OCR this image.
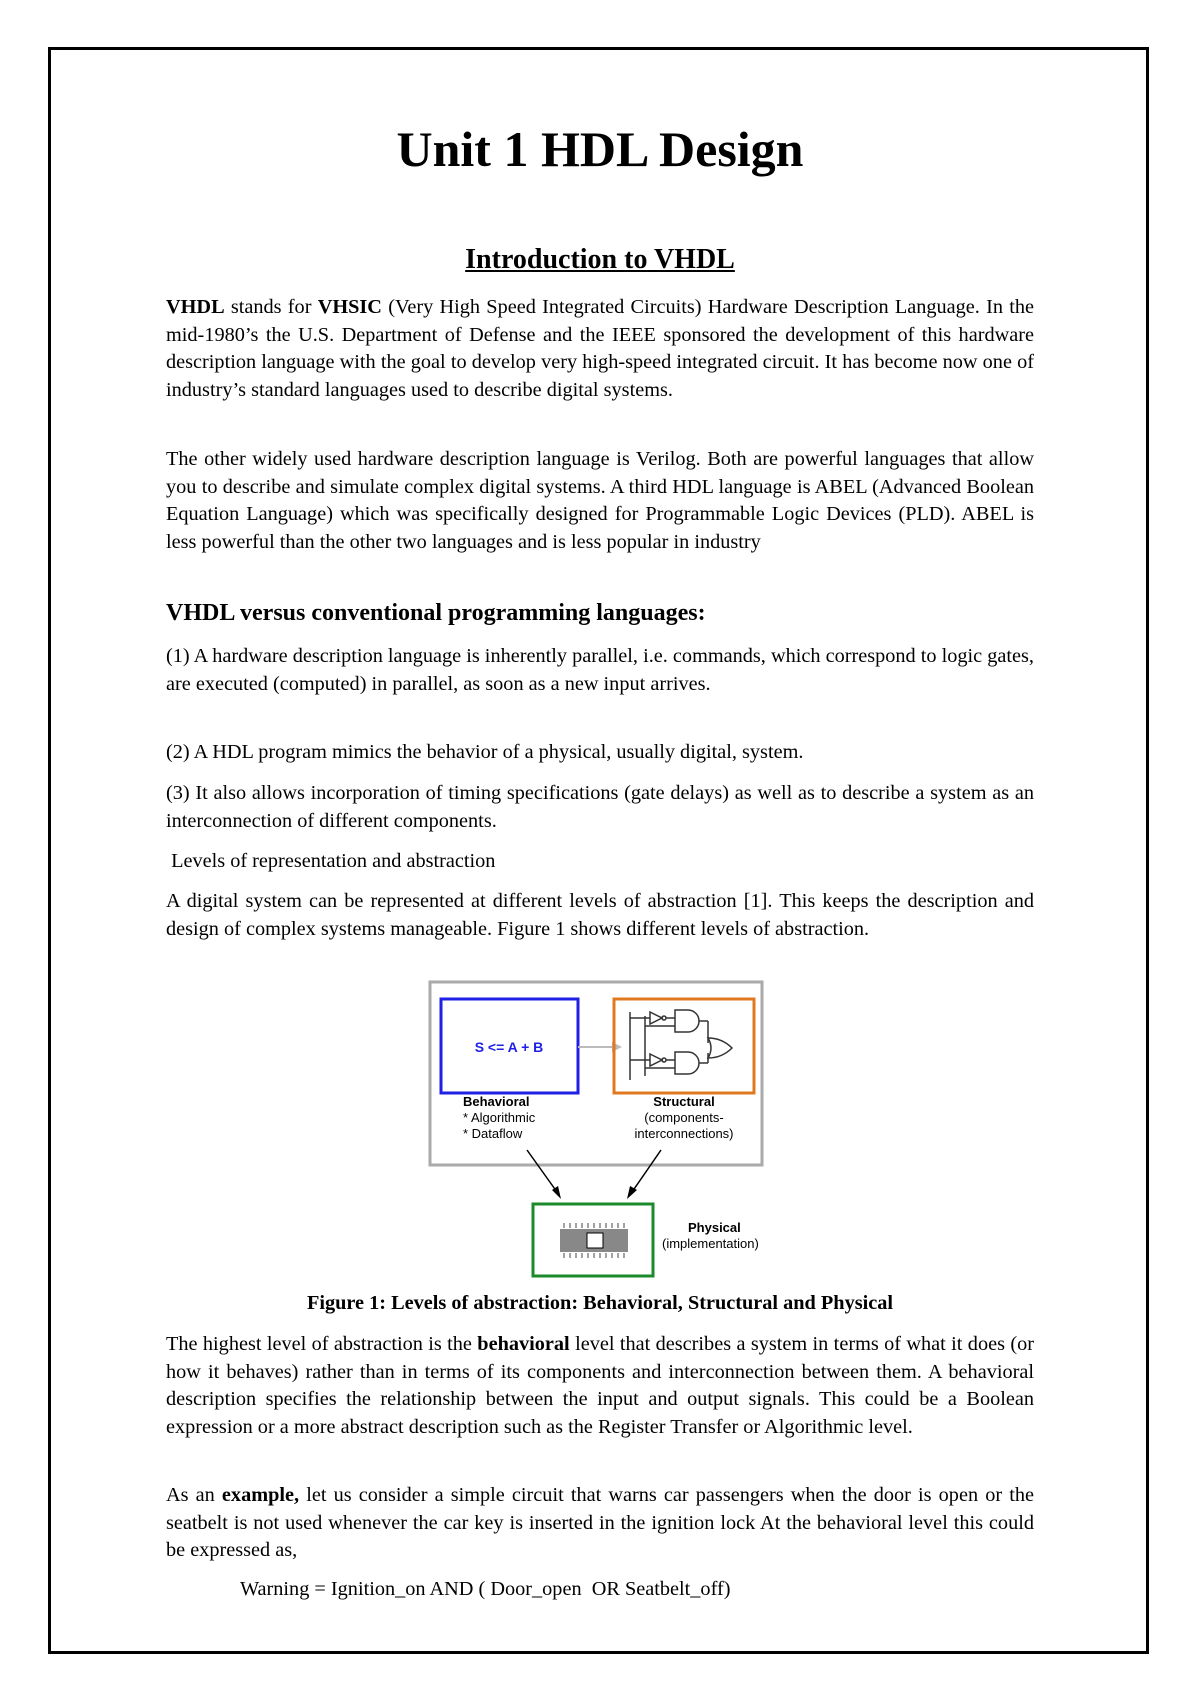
Unit 1 HDL Design
Introduction to VHDL

VHDL stands for VHSIC (Very High Speed Integrated Circuits) Hardware Description Language. In the mid-1980’s the U.S. Department of Defense and the IEEE sponsored the development of this hardware description language with the goal to develop very high-speed integrated circuit. It has become now one of industry’s standard languages used to describe digital systems.

The other widely used hardware description language is Verilog. Both are powerful languages that allow you to describe and simulate complex digital systems. A third HDL language is ABEL (Advanced Boolean Equation Language) which was specifically designed for Programmable Logic Devices (PLD). ABEL is less powerful than the other two languages and is less popular in industry

VHDL versus conventional programming languages:

(1) A hardware description language is inherently parallel, i.e. commands, which correspond to logic gates, are executed (computed) in parallel, as soon as a new input arrives.

(2) A HDL program mimics the behavior of a physical, usually digital, system.

(3) It also allows incorporation of timing specifications (gate delays) as well as to describe a system as an interconnection of different components.

Levels of representation and abstraction

A digital system can be represented at different levels of abstraction [1]. This keeps the description and design of complex systems manageable. Figure 1 shows different levels of abstraction.

S <= A + B
Behavioral
* Algorithmic
* Dataflow
Structural
(components-
interconnections)
Physical
(implementation)
Figure 1: Levels of abstraction: Behavioral, Structural and Physical

The highest level of abstraction is the behavioral level that describes a system in terms of what it does (or how it behaves) rather than in terms of its components and interconnection between them. A behavioral description specifies the relationship between the input and output signals. This could be a Boolean expression or a more abstract description such as the Register Transfer or Algorithmic level.

As an example, let us consider a simple circuit that warns car passengers when the door is open or the seatbelt is not used whenever the car key is inserted in the ignition lock At the behavioral level this could be expressed as,

Warning = Ignition_on AND ( Door_open  OR Seatbelt_off)
